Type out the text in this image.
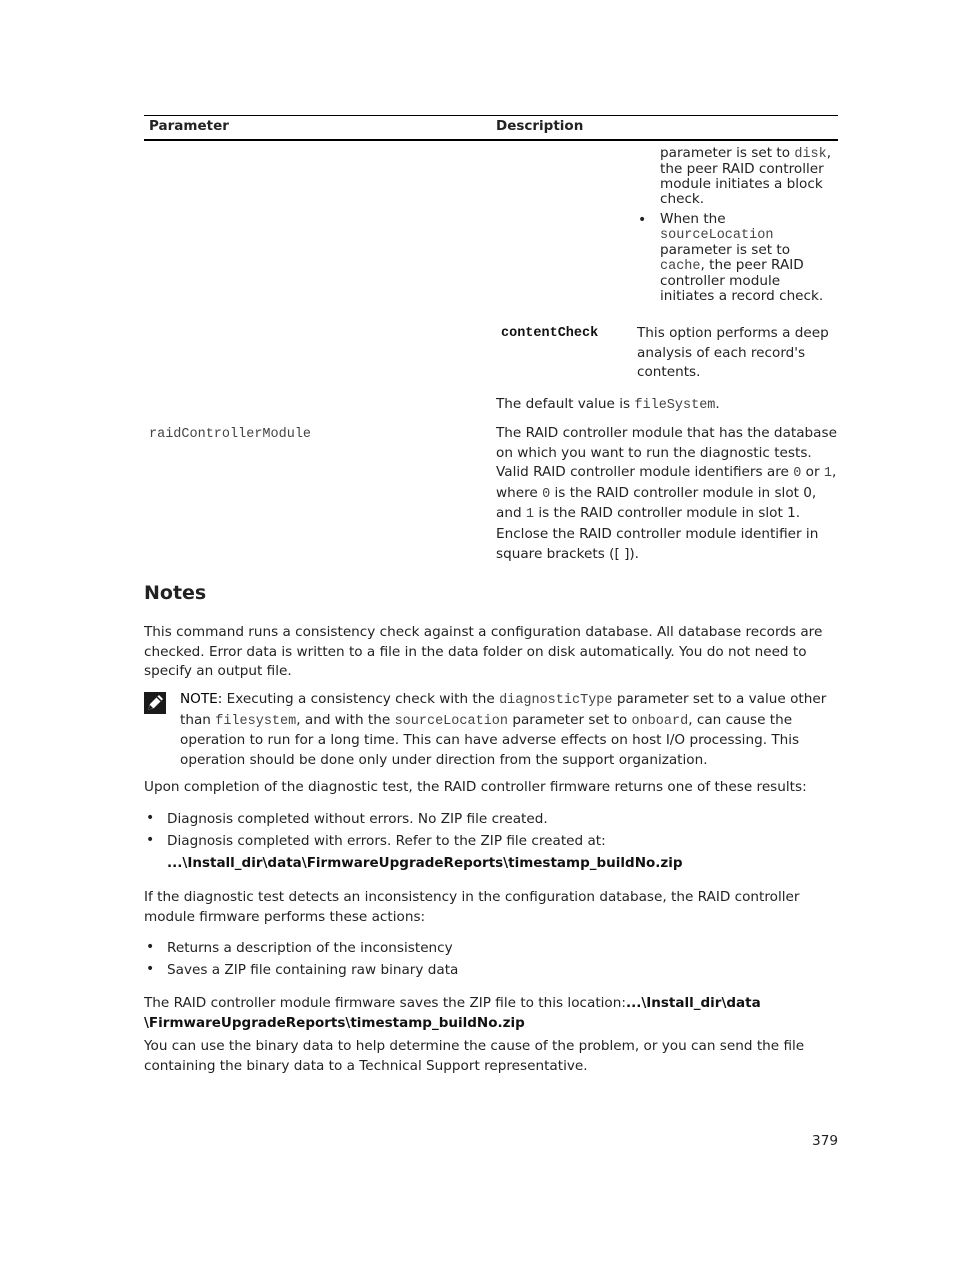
Parameter	Description
parameter is set to disk, the peer RAID controller module initiates a block check.
• When the sourceLocation parameter is set to cache, the peer RAID controller module initiates a record check.
contentCheck	This option performs a deep analysis of each record's contents.
The default value is fileSystem.
raidControllerModule	The RAID controller module that has the database on which you want to run the diagnostic tests. Valid RAID controller module identifiers are 0 or 1, where 0 is the RAID controller module in slot 0, and 1 is the RAID controller module in slot 1. Enclose the RAID controller module identifier in square brackets ([ ]).
Notes
This command runs a consistency check against a configuration database. All database records are checked. Error data is written to a file in the data folder on disk automatically. You do not need to specify an output file.
NOTE: Executing a consistency check with the diagnosticType parameter set to a value other than filesystem, and with the sourceLocation parameter set to onboard, can cause the operation to run for a long time. This can have adverse effects on host I/O processing. This operation should be done only under direction from the support organization.
Upon completion of the diagnostic test, the RAID controller firmware returns one of these results:
• Diagnosis completed without errors. No ZIP file created.
• Diagnosis completed with errors. Refer to the ZIP file created at:
...\Install_dir\data\FirmwareUpgradeReports\timestamp_buildNo.zip
If the diagnostic test detects an inconsistency in the configuration database, the RAID controller module firmware performs these actions:
• Returns a description of the inconsistency
• Saves a ZIP file containing raw binary data
The RAID controller module firmware saves the ZIP file to this location:...\Install_dir\data
\FirmwareUpgradeReports\timestamp_buildNo.zip
You can use the binary data to help determine the cause of the problem, or you can send the file containing the binary data to a Technical Support representative.
379
